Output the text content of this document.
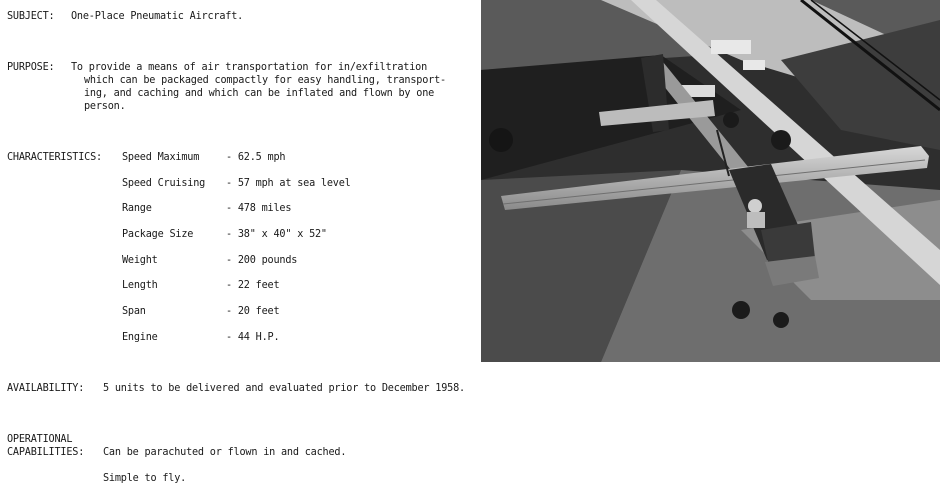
SUBJECT: One-Place Pneumatic Aircraft.
PURPOSE: To provide a means of air transportation for in/exfiltration
which can be packaged compactly for easy handling, transport-
ing, and caching and which can be inflated and flown by one
person.
CHARACTERISTICS: Speed Maximum	- 62.5 mph
Speed Cruising - 57 mph at sea level
Range	- 478 miles
Package Size	- 38" x 40" x 52"
Weight	- 200 pounds
Length	- 22 feet
Span	- 20 feet
Engine	- 44 H.P.
AVAILABILITY: 5 units to be delivered and evaluated prior to December 1958.
OPERATIONAL
CAPABILITIES: Can be parachuted or flown in and cached.
Simple to fly.
